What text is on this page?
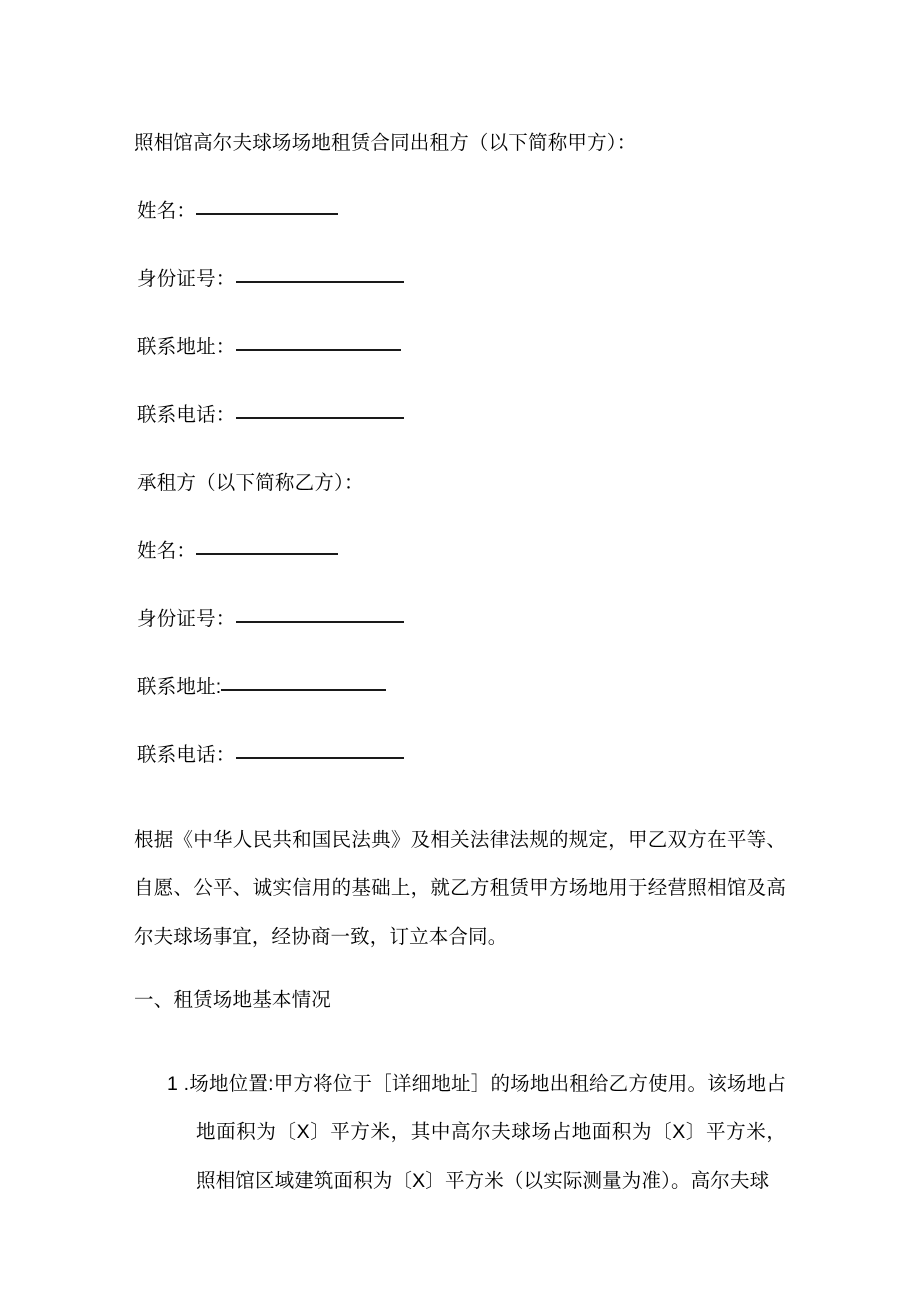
照相馆高尔夫球场场地租赁合同出租方（以下简称甲方）：
姓名：
身份证号：
联系地址：
联系电话：
承租方（以下简称乙方）：
姓名：
身份证号：
联系地址:
联系电话：

根据《中华人民共和国民法典》及相关法律法规的规定，甲乙双方在平等、自愿、公平、诚实信用的基础上，就乙方租赁甲方场地用于经营照相馆及高尔夫球场事宜，经协商一致，订立本合同。

一、租赁场地基本情况

1 .场地位置:甲方将位于［详细地址］的场地出租给乙方使用。该场地占地面积为〔X〕平方米，其中高尔夫球场占地面积为〔X〕平方米，照相馆区域建筑面积为〔X〕平方米（以实际测量为准）。高尔夫球
